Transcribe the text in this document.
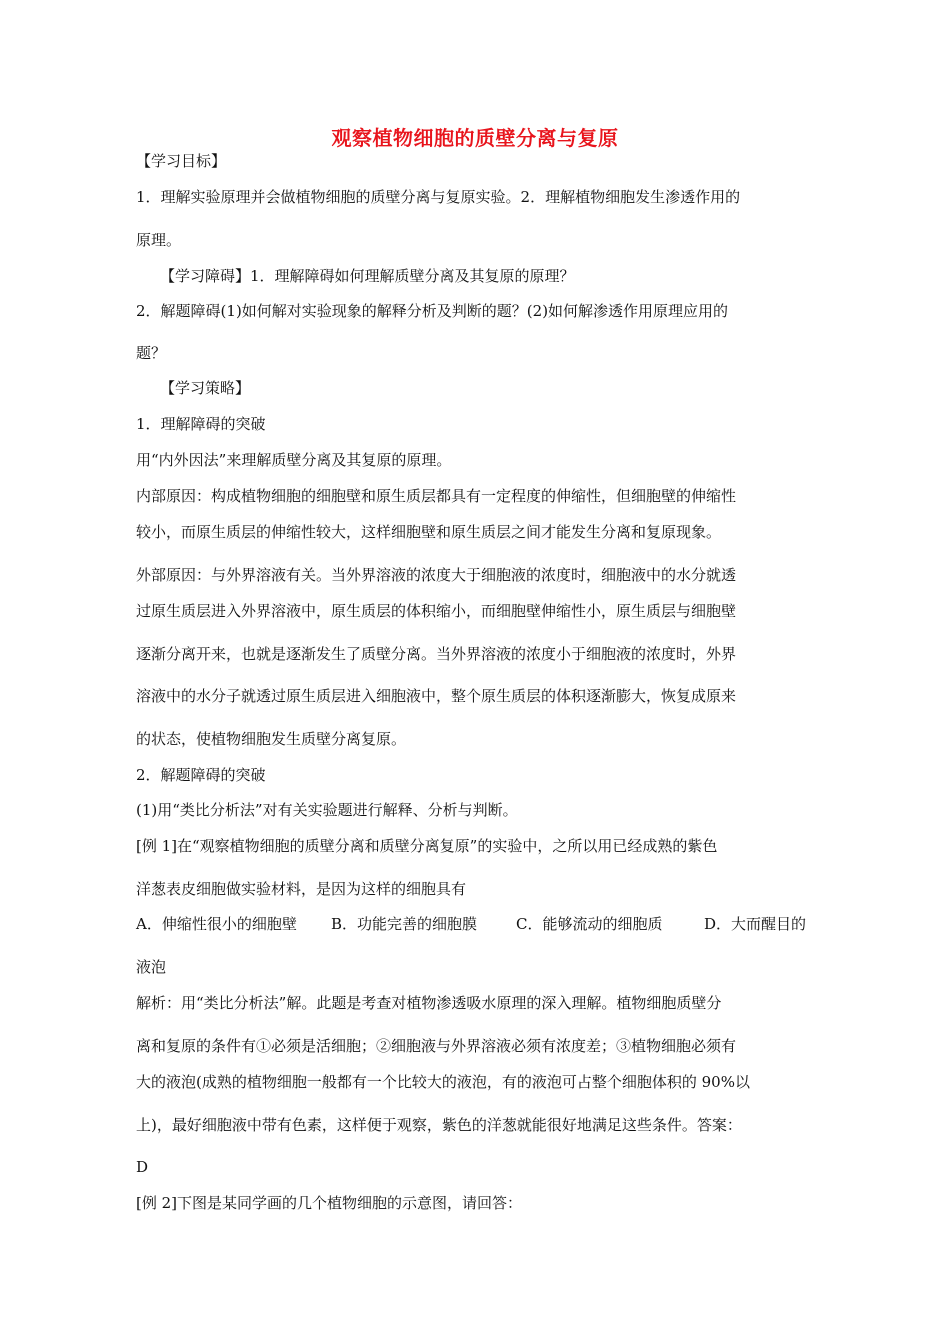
观察植物细胞的质壁分离与复原
【学习目标】
1．理解实验原理并会做植物细胞的质壁分离与复原实验。2．理解植物细胞发生渗透作用的
原理。
【学习障碍】1．理解障碍如何理解质壁分离及其复原的原理？
2．解题障碍(1)如何解对实验现象的解释分析及判断的题？(2)如何解渗透作用原理应用的
题？
【学习策略】
1．理解障碍的突破
用“内外因法”来理解质壁分离及其复原的原理。
内部原因：构成植物细胞的细胞壁和原生质层都具有一定程度的伸缩性，但细胞壁的伸缩性
较小，而原生质层的伸缩性较大，这样细胞壁和原生质层之间才能发生分离和复原现象。
外部原因：与外界溶液有关。当外界溶液的浓度大于细胞液的浓度时，细胞液中的水分就透
过原生质层进入外界溶液中，原生质层的体积缩小，而细胞壁伸缩性小，原生质层与细胞壁
逐渐分离开来，也就是逐渐发生了质壁分离。当外界溶液的浓度小于细胞液的浓度时，外界
溶液中的水分子就透过原生质层进入细胞液中，整个原生质层的体积逐渐膨大，恢复成原来
的状态，使植物细胞发生质壁分离复原。
2．解题障碍的突破
(1)用“类比分析法”对有关实验题进行解释、分析与判断。
[例 1]在“观察植物细胞的质壁分离和质壁分离复原”的实验中，之所以用已经成熟的紫色
洋葱表皮细胞做实验材料，是因为这样的细胞具有
A．伸缩性很小的细胞壁 B．功能完善的细胞膜	C．能够流动的细胞质	D．大而醒目的
液泡
解析：用“类比分析法”解。此题是考查对植物渗透吸水原理的深入理解。植物细胞质壁分
离和复原的条件有①必须是活细胞；②细胞液与外界溶液必须有浓度差；③植物细胞必须有
大的液泡(成熟的植物细胞一般都有一个比较大的液泡，有的液泡可占整个细胞体积的 90%以
上)，最好细胞液中带有色素，这样便于观察，紫色的洋葱就能很好地满足这些条件。答案：
D
[例 2]下图是某同学画的几个植物细胞的示意图，请回答：
